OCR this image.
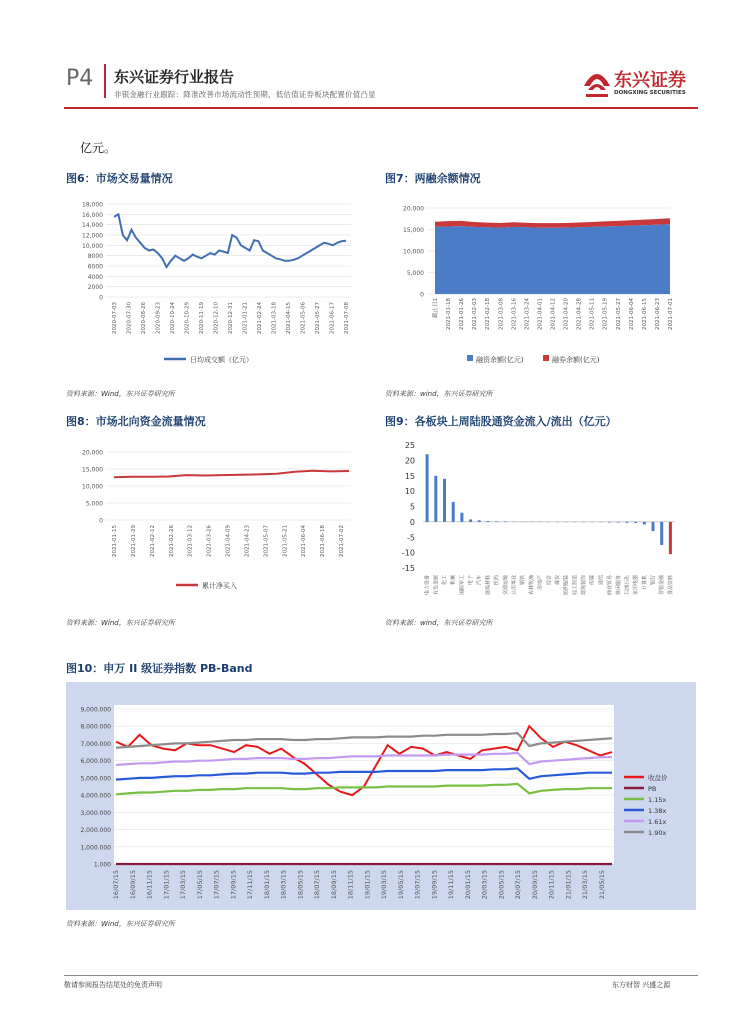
P4 东兴证券行业报告
非银金融行业跟踪：降准改善市场流动性预期，低估值证券板块配置价值凸显
东兴证券
DONGXING SECURITIES
亿元。
图6：市场交易量情况
18,000
16,000
14,000
12,000
10,000
8000
6000
4000
2000
0
日均成交额（亿元）
2020-07-03 2020-07-30 2020-08-26 2020-09-23 2020-10-24 2020-10-29 2020-11-19 2020-12-10 2020-12-31 2021-01-21 2021-02-24 2021-03-18 2021-04-15 2021-05-06 2021-05-27 2021-06-17 2021-07-08
资料来源：Wind，东兴证券研究所
图7：两融余额情况
20,000
15,000
10,000
5,000
0
截止日1 2021-01-18 2021-01-26 2021-02-03 2021-02-18 2021-03-08 2021-03-16 2021-03-24 2021-04-01 2021-04-12 2021-04-20 2021-04-28 2021-05-11 2021-05-19 2021-05-27 2021-06-04 2021-06-15 2021-06-23 2021-07-01
融资余额(亿元)	融券余额(亿元)
资料来源：wind，东兴证券研究所
图8：市场北向资金流量情况
20,000
15,000
10,000
5,000
0
2021-01-15 2021-01-29 2021-02-12 2021-02-26 2021-03-12 2021-03-26 2021-04-09 2021-04-23 2021-05-07 2021-05-21 2021-06-04 2021-06-18 2021-07-02
累计净买入
资料来源：Wind，东兴证券研究所
图9：各板块上周陆股通资金流入/流出（亿元）
25
20
15
10
5
0
-5
-10
-15
电力设备 有色金属 化工 机械 国防军工 电子 汽车 建筑材料 医药 交通运输 公用事业 钢铁 农林牧渔 房地产 综合 煤炭 纺织服装 轻工制造 建筑装饰 传媒 通信 商业贸易 休闲服务 石油石化 家用电器 计算机 银行 非银金融 食品饮料
资料来源：wind，东兴证券研究所
图10：申万 II 级证券指数 PB-Band
9,000.000
8,000.000
7,000.000
6,000.000
5,000.000
4,000.000
3,000.000
2,000.000
1,000.000
1.000
16/07/15 16/09/15 16/11/15 17/01/15 17/03/15 17/05/15 17/07/15 17/09/15 17/11/15 18/01/15 18/03/15 18/05/15 18/07/15 18/09/15 18/11/15 19/01/15 19/03/15 19/05/15 19/07/15 19/09/15 19/11/15 20/01/15 20/03/15 20/05/15 20/07/15 20/09/15 20/11/15 21/01/15 21/03/15 21/05/15
收盘价
PB
1.15x
1.38x
1.61x
1.90x
资料来源：Wind，东兴证券研究所
敬请参阅报告结尾处的免责声明	东方财智 兴盛之源
